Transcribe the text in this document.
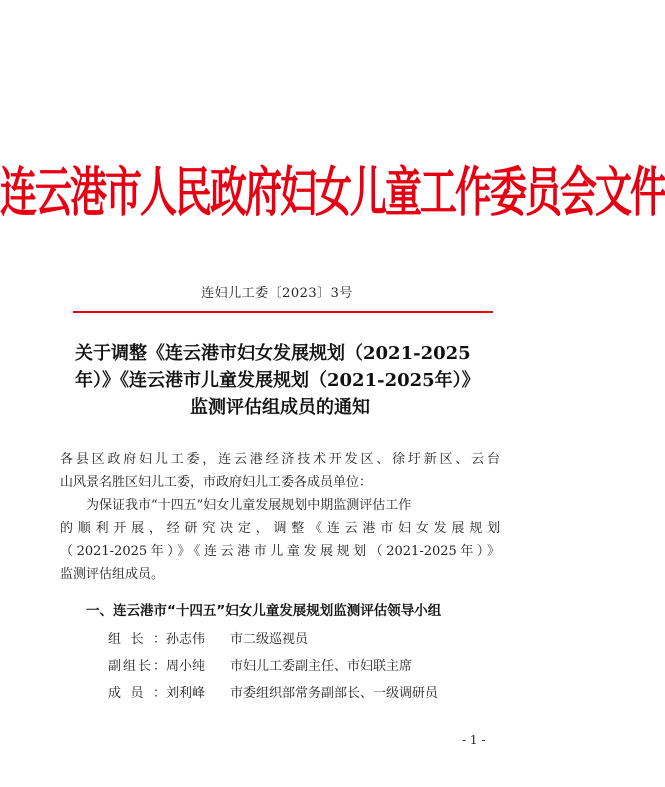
连云港市人民政府妇女儿童工作委员会文件
连妇儿工委〔2023〕3号
关于调整《连云港市妇女发展规划（2021-2025
年）》《连云港市儿童发展规划（2021-2025年）》
监测评估组成员的通知
各县区政府妇儿工委，连云港经济技术开发区、徐圩新区、云台
山风景名胜区妇儿工委，市政府妇儿工委各成员单位：
为保证我市“十四五”妇女儿童发展规划中期监测评估工作
的顺利开展，经研究决定，调整《连云港市妇女发展规划
（2021-2025年）》《连云港市儿童发展规划（2021-2025年）》
监测评估组成员。
一、连云港市“十四五”妇女儿童发展规划监测评估领导小组
组长： 孙志伟	市二级巡视员
副组长： 周小纯	市妇儿工委副主任、市妇联主席
成员： 刘利峰	市委组织部常务副部长、一级调研员
- 1 -
